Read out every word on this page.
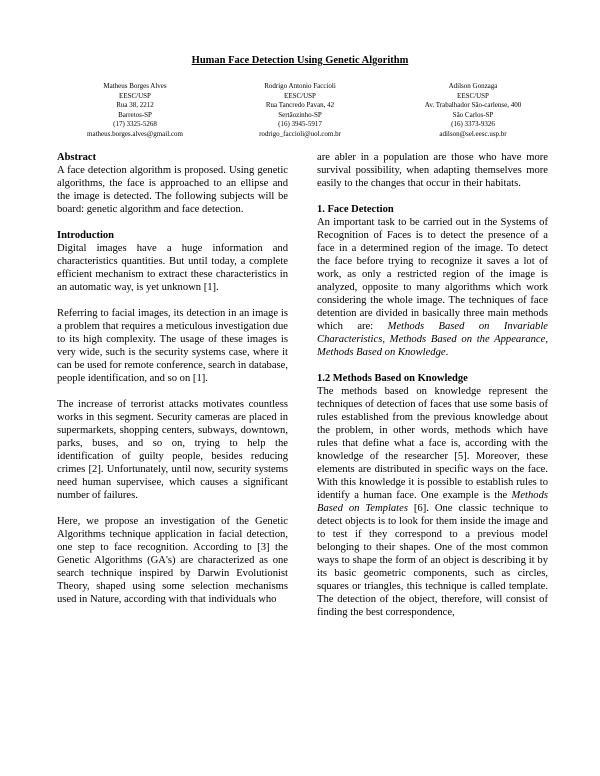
Human Face Detection Using Genetic Algorithm
Matheus Borges Alves
EESC/USP
Rua 38, 2212
Barretos-SP
(17) 3325-5268
matheus.borges.alves@gmail.com
Rodrigo Antonio Faccioli
EESC/USP
Rua Tancredo Pavan, 42
Sertãozinho-SP
(16) 3945-5917
rodrigo_faccioli@uol.com.br
Adilson Gonzaga
EESC/USP
Av. Trabalhador São-carlense, 400
São Carlos-SP
(16) 3373-9326
adilson@sel.eesc.usp.br
Abstract

A face detection algorithm is proposed. Using genetic algorithms, the face is approached to an ellipse and the image is detected. The following subjects will be board: genetic algorithm and face detection.

Introduction

Digital images have a huge information and characteristics quantities. But until today, a complete efficient mechanism to extract these characteristics in an automatic way, is yet unknown [1].

Referring to facial images, its detection in an image is a problem that requires a meticulous investigation due to its high complexity. The usage of these images is very wide, such is the security systems case, where it can be used for remote conference, search in database, people identification, and so on [1].

The increase of terrorist attacks motivates countless works in this segment. Security cameras are placed in supermarkets, shopping centers, subways, downtown, parks, buses, and so on, trying to help the identification of guilty people, besides reducing crimes [2]. Unfortunately, until now, security systems need human supervisee, which causes a significant number of failures.

Here, we propose an investigation of the Genetic Algorithms technique application in facial detection, one step to face recognition. According to [3] the Genetic Algorithms (GA's) are characterized as one search technique inspired by Darwin Evolutionist Theory, shaped using some selection mechanisms used in Nature, according with that individuals who

are abler in a population are those who have more survival possibility, when adapting themselves more easily to the changes that occur in their habitats.

1. Face Detection

An important task to be carried out in the Systems of Recognition of Faces is to detect the presence of a face in a determined region of the image. To detect the face before trying to recognize it saves a lot of work, as only a restricted region of the image is analyzed, opposite to many algorithms which work considering the whole image. The techniques of face detention are divided in basically three main methods which are: Methods Based on Invariable Characteristics, Methods Based on the Appearance, Methods Based on Knowledge.

1.2 Methods Based on Knowledge

The methods based on knowledge represent the techniques of detection of faces that use some basis of rules established from the previous knowledge about the problem, in other words, methods which have rules that define what a face is, according with the knowledge of the researcher [5]. Moreover, these elements are distributed in specific ways on the face. With this knowledge it is possible to establish rules to identify a human face. One example is the Methods Based on Templates [6]. One classic technique to detect objects is to look for them inside the image and to test if they correspond to a previous model belonging to their shapes. One of the most common ways to shape the form of an object is describing it by its basic geometric components, such as circles, squares or triangles, this technique is called template. The detection of the object, therefore, will consist of finding the best correspondence,
